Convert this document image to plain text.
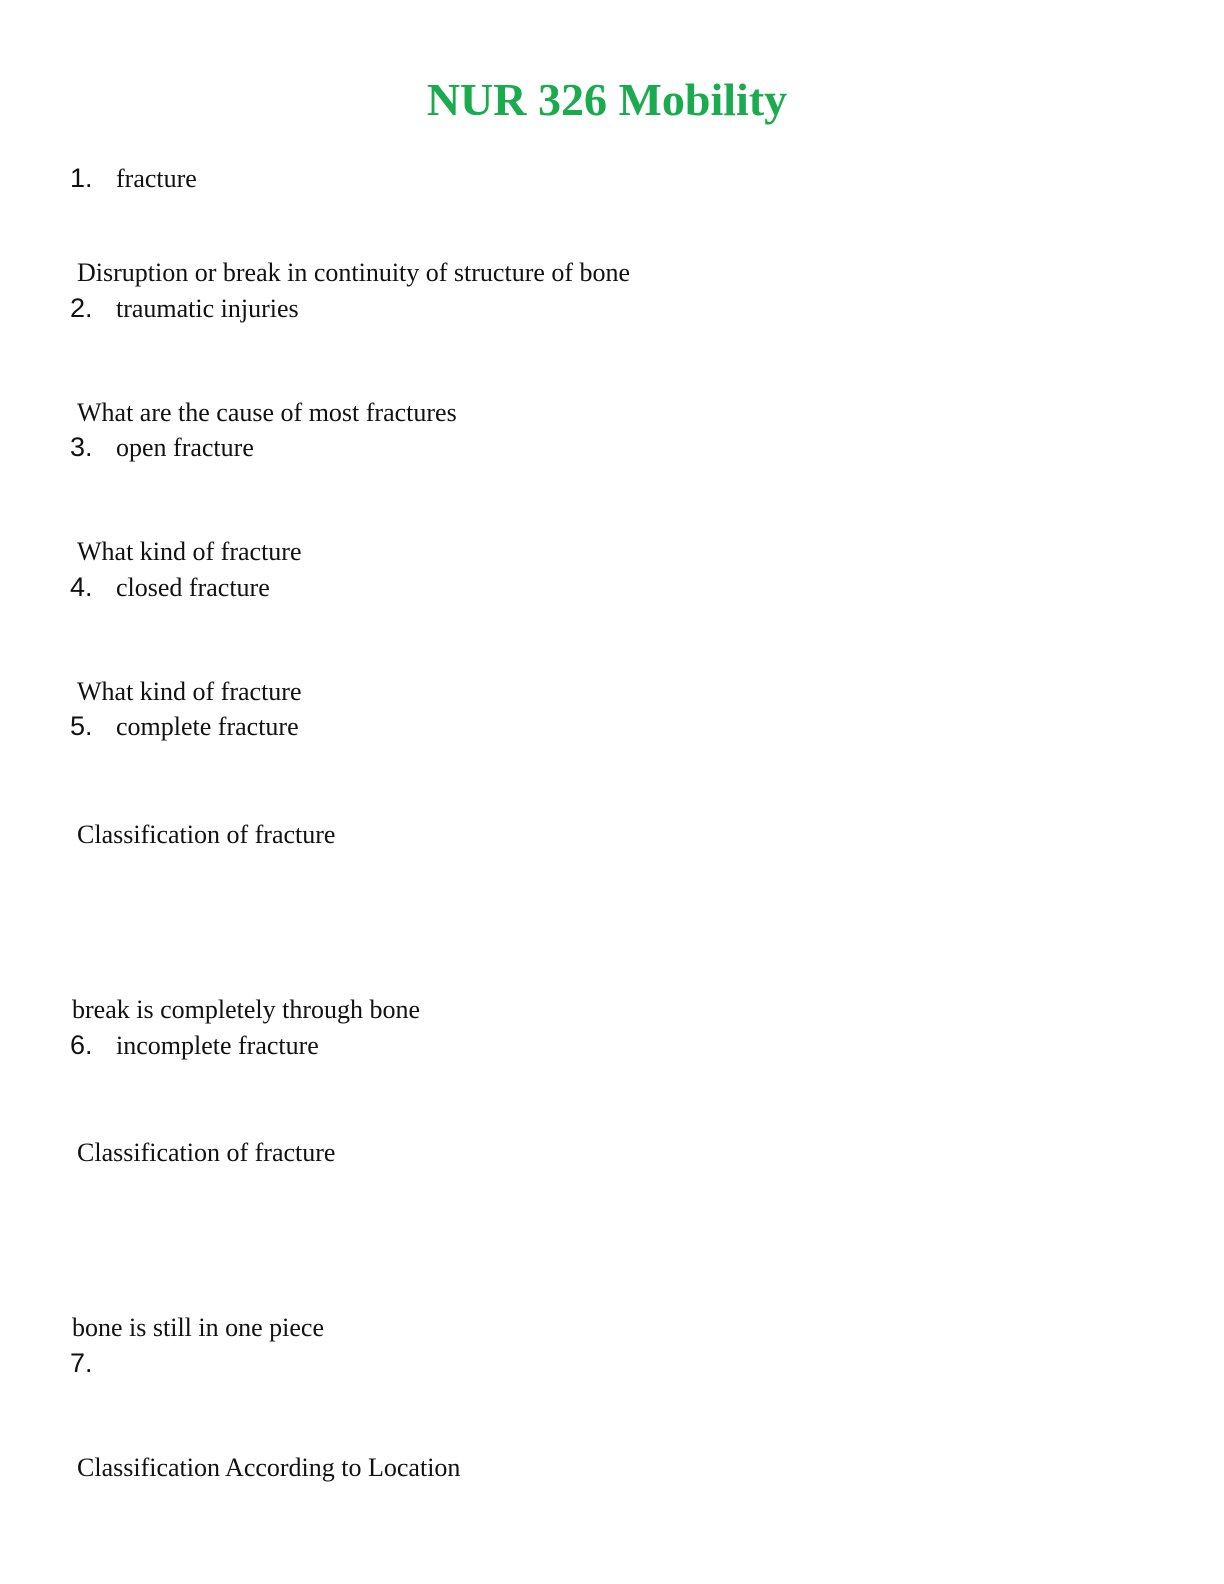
NUR 326 Mobility
1. fracture

Disruption or break in continuity of structure of bone

2. traumatic injuries

What are the cause of most fractures

3. open fracture

What kind of fracture

4. closed fracture

What kind of fracture

5. complete fracture

Classification of fracture

break is completely through bone

6. incomplete fracture

Classification of fracture

bone is still in one piece

7.

Classification According to Location
